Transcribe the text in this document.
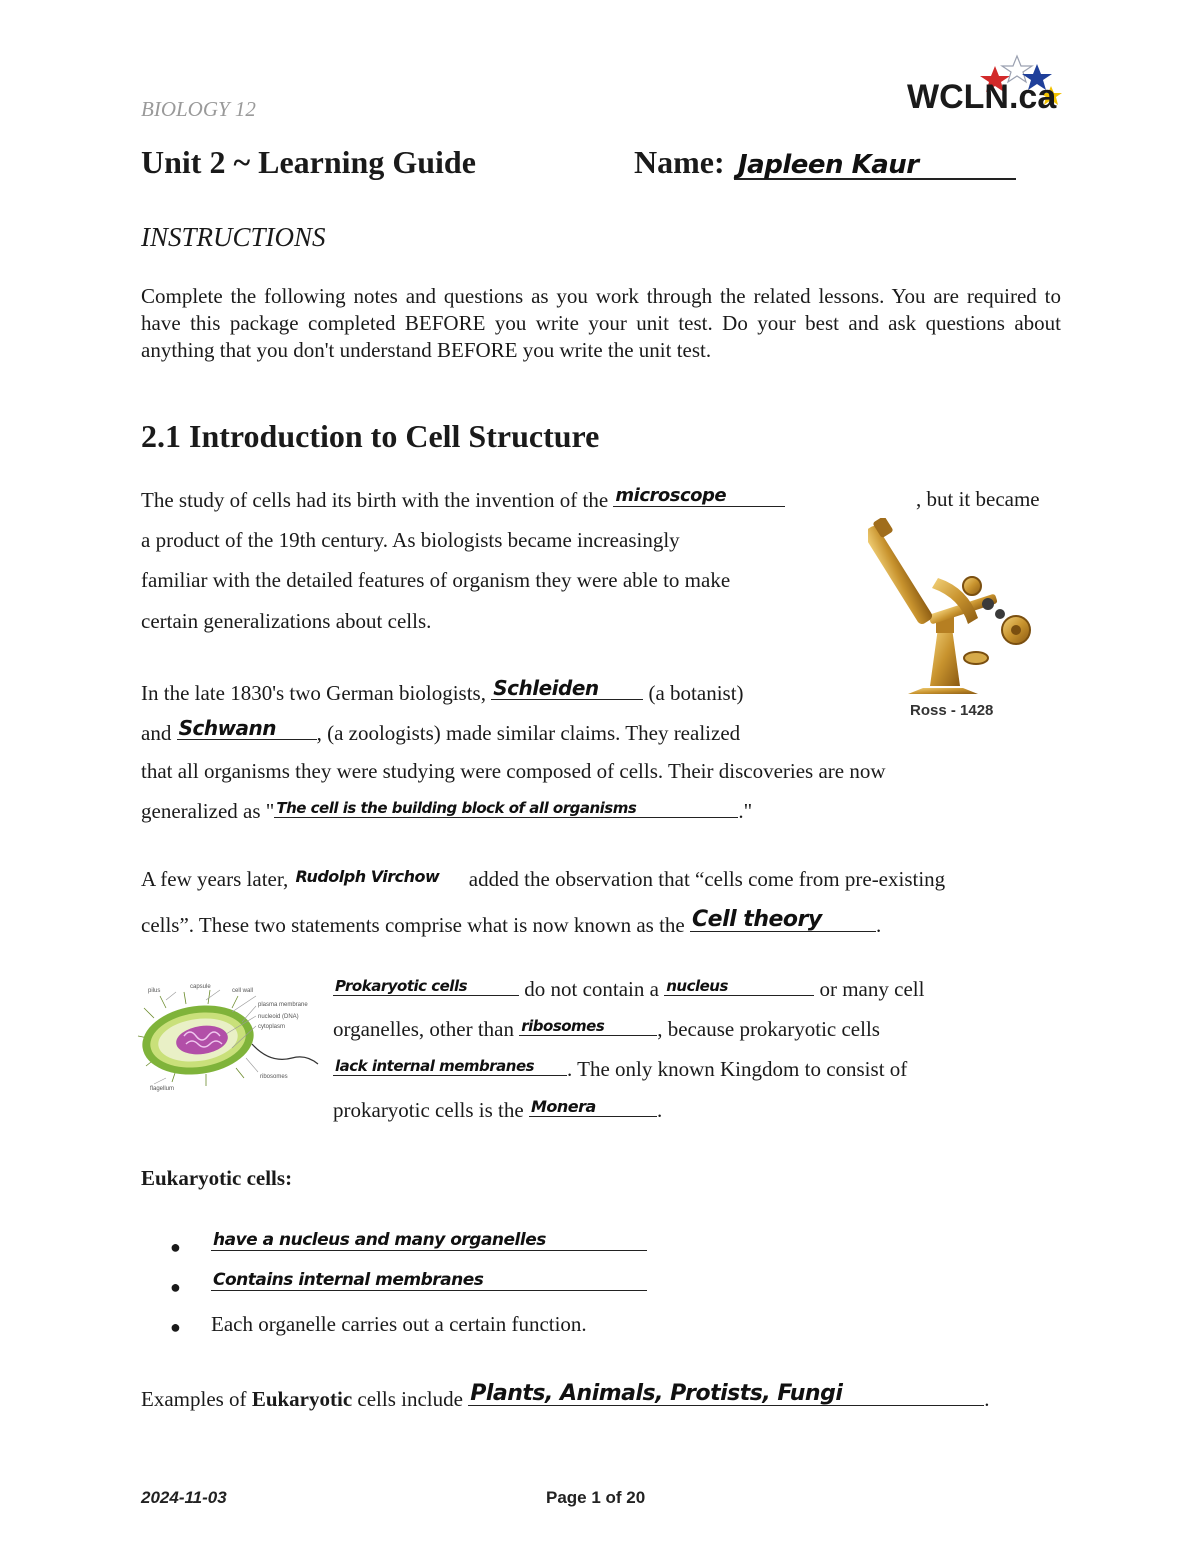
BIOLOGY 12	WCLN.ca
Unit 2 ~ Learning Guide	Name: Japleen Kaur
INSTRUCTIONS
Complete the following notes and questions as you work through the related lessons. You are required to have this package completed BEFORE you write your unit test. Do your best and ask questions about anything that you don't understand BEFORE you write the unit test.
2.1 Introduction to Cell Structure
The study of cells had its birth with the invention of the microscope	, but it became
a product of the 19th century. As biologists became increasingly
familiar with the detailed features of organism they were able to make
certain generalizations about cells.
Ross - 1428
In the late 1830's two German biologists, Schleiden (a botanist)
and Schwann , (a zoologists) made similar claims. They realized
that all organisms they were studying were composed of cells. Their discoveries are now
generalized as " The cell is the building block of all organisms	."
A few years later, Rudolph Virchow added the observation that “cells come from pre-existing
cells”. These two statements comprise what is now known as the Cell theory	.
pilus
capsule
cell wall
plasma membrane
nucleoid (DNA)
cytoplasm
ribosomes
flagellum
Prokaryotic cells do not contain a nucleus	or many cell
organelles, other than ribosomes	, because prokaryotic cells
lack internal membranes . The only known Kingdom to consist of
prokaryotic cells is the Monera	.
Eukaryotic cells:
● have a nucleus and many organelles
● Contains internal membranes
● Each organelle carries out a certain function.
Examples of Eukaryotic cells include Plants, Animals, Protists, Fungi	.
2024-11-03	Page 1 of 20
